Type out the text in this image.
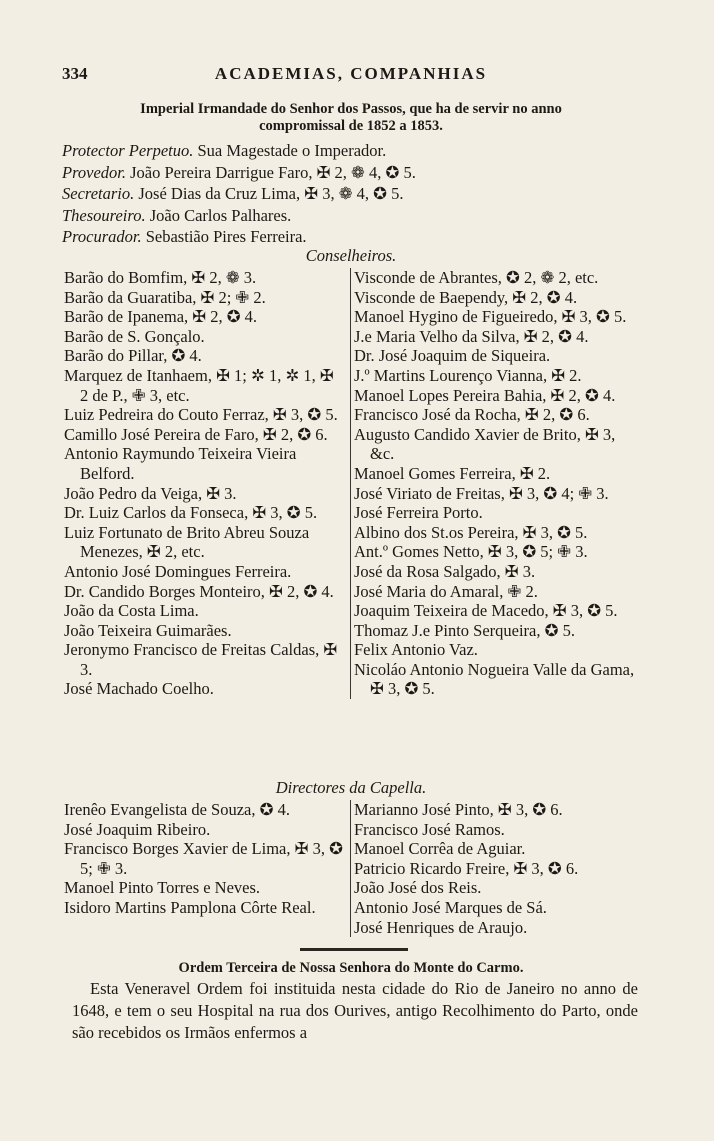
334	ACADEMIAS, COMPANHIAS
Imperial Irmandade do Senhor dos Passos, que ha de servir no anno
compromissal de 1852 a 1853.
Protector Perpetuo. Sua Magestade o Imperador.
Provedor. João Pereira Darrigue Faro, ✠ 2, ❁ 4, ✪ 5.
Secretario. José Dias da Cruz Lima, ✠ 3, ❁ 4, ✪ 5.
Thesoureiro. João Carlos Palhares.
Procurador. Sebastião Pires Ferreira.
Conselheiros.
Barão do Bomfim, ✠ 2, ❁ 3.
Barão da Guaratiba, ✠ 2; ✙ 2.
Barão de Ipanema, ✠ 2, ✪ 4.
Barão de S. Gonçalo.
Barão do Pillar, ✪ 4.
Marquez de Itanhaem, ✠ 1; ✲ 1, ✲ 1, ✠ 2 de P., ✙ 3, etc.
Luiz Pedreira do Couto Ferraz, ✠ 3, ✪ 5.
Camillo José Pereira de Faro, ✠ 2, ✪ 6.
Antonio Raymundo Teixeira Vieira Belford.
João Pedro da Veiga, ✠ 3.
Dr. Luiz Carlos da Fonseca, ✠ 3, ✪ 5.
Luiz Fortunato de Brito Abreu Souza Menezes, ✠ 2, etc.
Antonio José Domingues Ferreira.
Dr. Candido Borges Monteiro, ✠ 2, ✪ 4.
João da Costa Lima.
João Teixeira Guimarães.
Jeronymo Francisco de Freitas Caldas, ✠ 3.
José Machado Coelho.
Visconde de Abrantes, ✪ 2, ❁ 2, etc.
Visconde de Baependy, ✠ 2, ✪ 4.
Manoel Hygino de Figueiredo, ✠ 3, ✪ 5.
J.e Maria Velho da Silva, ✠ 2, ✪ 4.
Dr. José Joaquim de Siqueira.
J.º Martins Lourenço Vianna, ✠ 2.
Manoel Lopes Pereira Bahia, ✠ 2, ✪ 4.
Francisco José da Rocha, ✠ 2, ✪ 6.
Augusto Candido Xavier de Brito, ✠ 3, &c.
Manoel Gomes Ferreira, ✠ 2.
José Viriato de Freitas, ✠ 3, ✪ 4; ✙ 3.
José Ferreira Porto.
Albino dos St.os Pereira, ✠ 3, ✪ 5.
Ant.º Gomes Netto, ✠ 3, ✪ 5; ✙ 3.
José da Rosa Salgado, ✠ 3.
José Maria do Amaral, ✙ 2.
Joaquim Teixeira de Macedo, ✠ 3, ✪ 5.
Thomaz J.e Pinto Serqueira, ✪ 5.
Felix Antonio Vaz.
Nicoláo Antonio Nogueira Valle da Gama, ✠ 3, ✪ 5.
Directores da Capella.
Irenêo Evangelista de Souza, ✪ 4.
José Joaquim Ribeiro.
Francisco Borges Xavier de Lima, ✠ 3, ✪ 5; ✙ 3.
Manoel Pinto Torres e Neves.
Isidoro Martins Pamplona Côrte Real.
Marianno José Pinto, ✠ 3, ✪ 6.
Francisco José Ramos.
Manoel Corrêa de Aguiar.
Patricio Ricardo Freire, ✠ 3, ✪ 6.
João José dos Reis.
Antonio José Marques de Sá.
José Henriques de Araujo.
Ordem Terceira de Nossa Senhora do Monte do Carmo.

Esta Veneravel Ordem foi instituida nesta cidade do Rio de Janeiro no anno de 1648, e tem o seu Hospital na rua dos Ourives, antigo Recolhimento do Parto, onde são recebidos os Irmãos enfermos a
